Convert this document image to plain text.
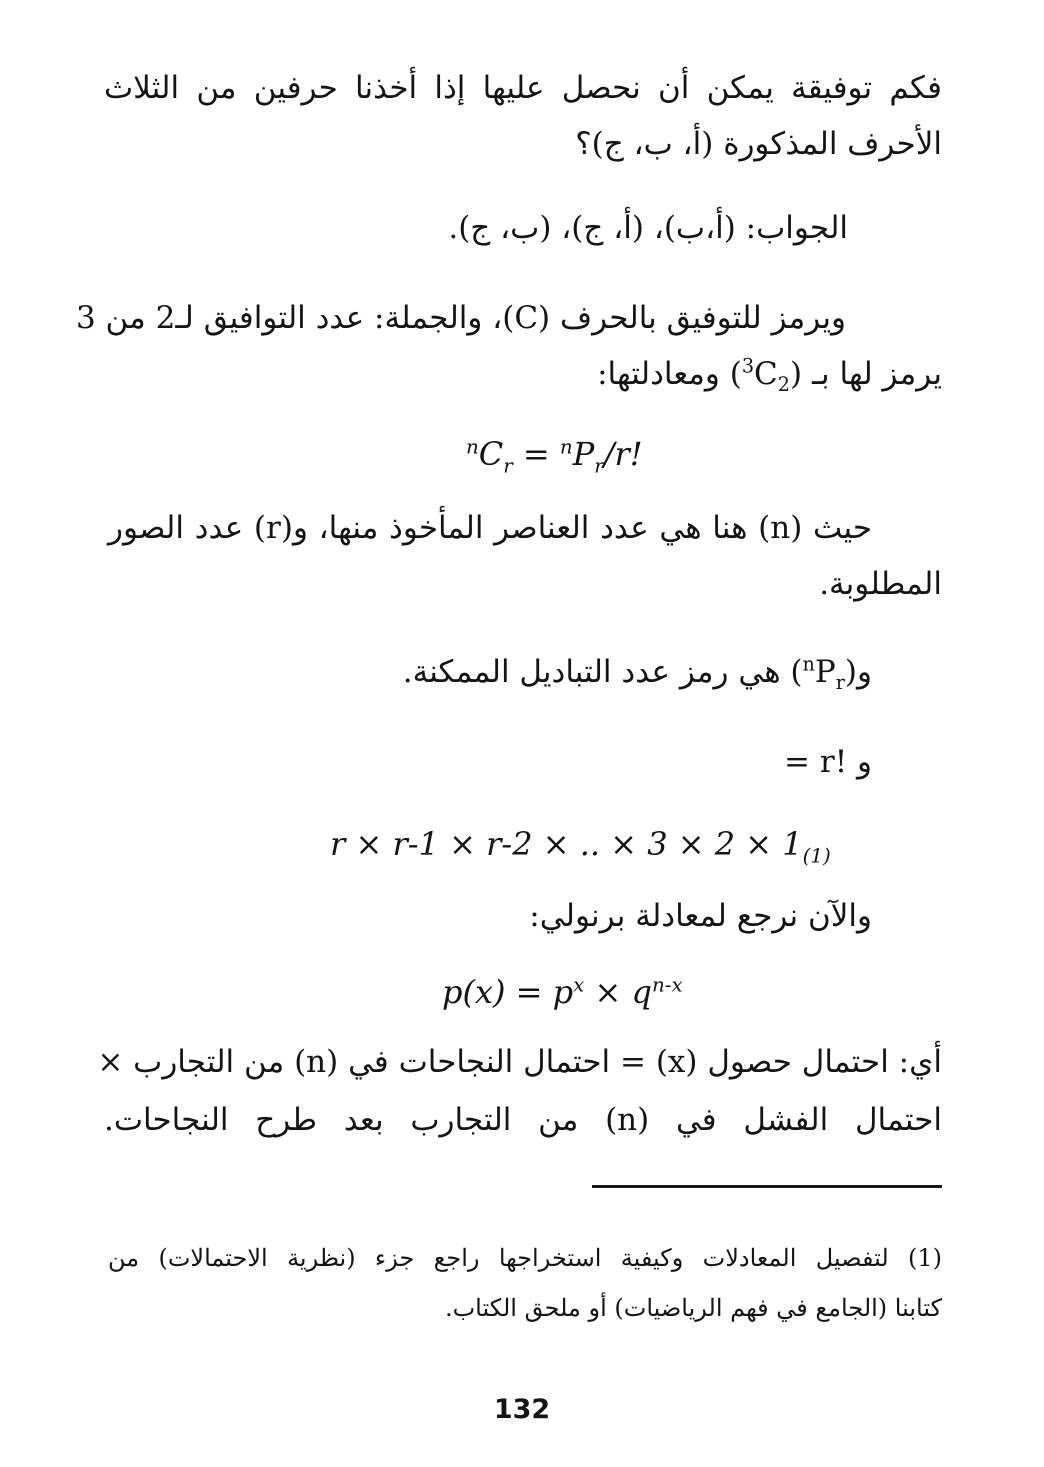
فكم توفيقة يمكن أن نحصل عليها إذا أخذنا حرفين من الثلاث
الأحرف المذكورة (أ، ب، ج)؟
الجواب: (أ،ب)، (أ، ج)، (ب، ج).
ويرمز للتوفيق بالحرف (C)، والجملة: عدد التوافيق لـ2 من 3
يرمز لها بـ $(^3C_2)$ ومعادلتها:
$^nC_r = ^nP_r/r$!
حيث (n) هنا هي عدد العناصر المأخوذ منها، و(r) عدد الصور
المطلوبة.
$و(^nP_r)$ هي رمز عدد التباديل الممكنة.
و !r =
r × r-1 × r-2 × .. × $3 \times 2 \times 1_{(1)}$
والآن نرجع لمعادلة برنولي:
$p(x) = p^x \times q^{n-x}$
أي: احتمال حصول (x) = احتمال النجاحات في (n) من التجارب ×
احتمال الفشل في (n) من التجارب بعد طرح النجاحات.
(1) لتفصيل المعادلات وكيفية استخراجها راجع جزء (نظرية الاحتمالات) من
كتابنا (الجامع في فهم الرياضيات) أو ملحق الكتاب.
132
